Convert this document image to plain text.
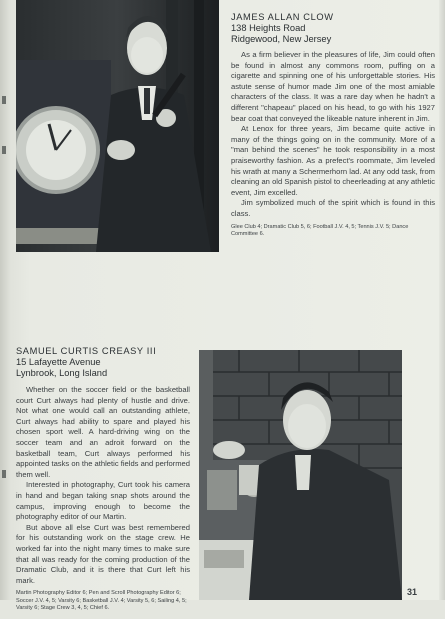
JAMES ALLAN CLOW

138 Heights Road

Ridgewood, New Jersey

As a firm believer in the pleasures of life, Jim could often be found in almost any commons room, puffing on a cigarette and spinning one of his unforgettable stories. His astute sense of humor made Jim one of the most amiable characters of the class. It was a rare day when he hadn't a different "chapeau" placed on his head, to go with his 1927 bear coat that conveyed the likeable nature inherent in Jim.

At Lenox for three years, Jim became quite active in many of the things going on in the community. More of a "man behind the scenes" he took responsibility in a most praiseworthy fashion. As a prefect's roommate, Jim leveled his wrath at many a Schermerhorn lad. At any odd task, from cleaning an old Spanish pistol to cheerleading at any athletic event, Jim excelled.

Jim symbolized much of the spirit which is found in this class.

Glee Club 4; Dramatic Club 5, 6; Football J.V. 4, 5; Tennis J.V. 5; Dance Committee 6.

SAMUEL CURTIS CREASY III

15 Lafayette Avenue

Lynbrook, Long Island

Whether on the soccer field or the basketball court Curt always had plenty of hustle and drive. Not what one would call an outstanding athlete, Curt always had ability to spare and played his chosen sport well. A hard-driving wing on the soccer team and an adroit forward on the basketball team, Curt always performed his appointed tasks on the athletic fields and performed them well.

Interested in photography, Curt took his camera in hand and began taking snap shots around the campus, improving enough to become the photography editor of our Martin.

But above all else Curt was best remembered for his outstanding work on the stage crew. He worked far into the night many times to make sure that all was ready for the coming production of the Dramatic Club, and it is there that Curt left his mark.

Martin Photography Editor 6; Pen and Scroll Photography Editor 6; Soccer J.V. 4, 5; Varsity 6; Basketball J.V. 4; Varsity 5, 6; Sailing 4, 5; Varsity 6; Stage Crew 3, 4, 5; Chief 6.

31
